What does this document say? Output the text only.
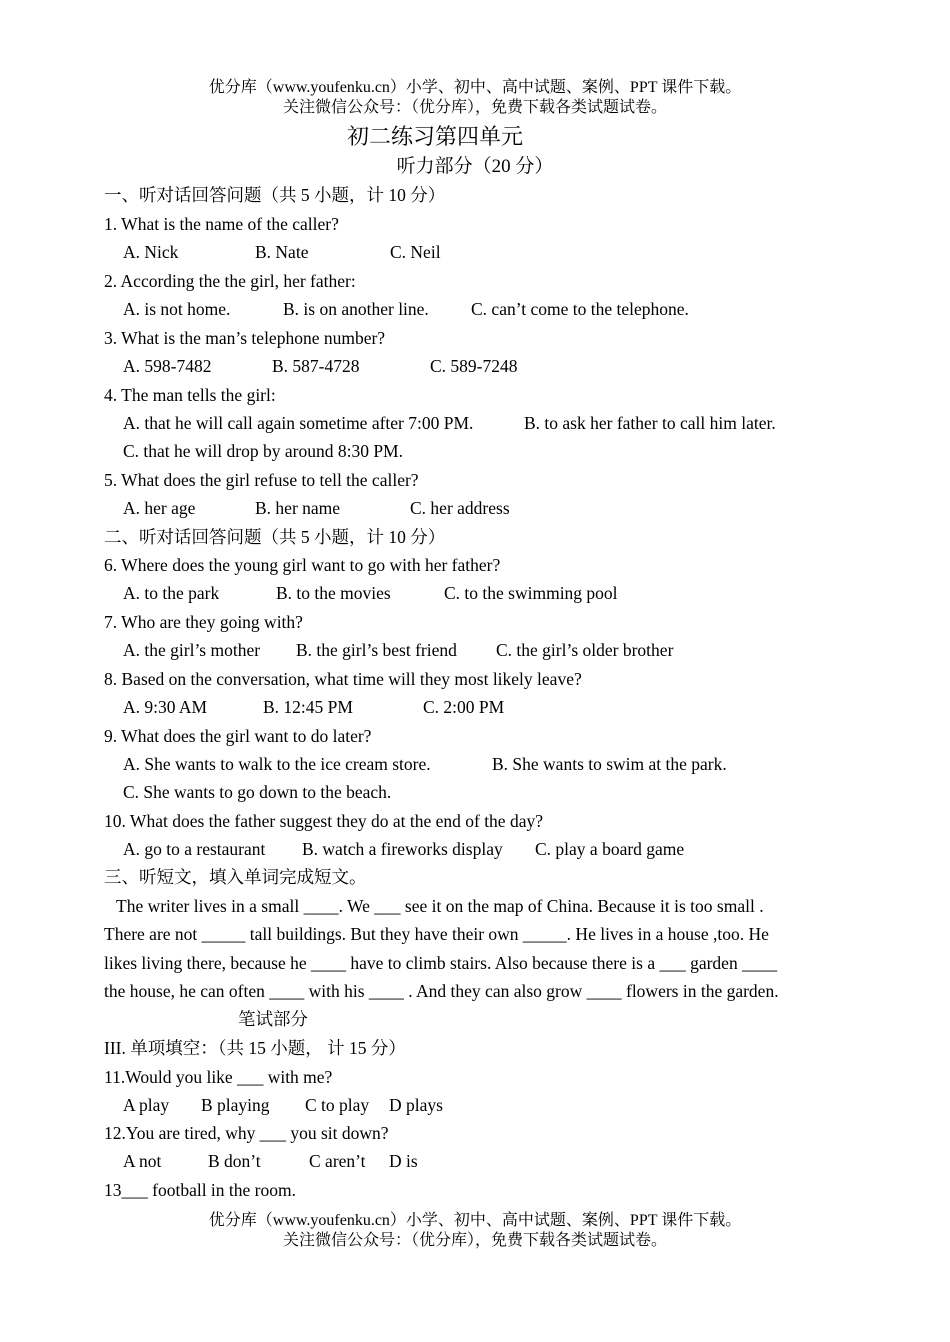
优分库（www.youfenku.cn）小学、初中、高中试题、案例、PPT 课件下载。
关注微信公众号：（优分库），免费下载各类试题试卷。
初二练习第四单元
听力部分（20 分）
一、听对话回答问题（共 5 小题，计 10 分）
1. What is the name of the caller?
A. Nick	B. Nate	C. Neil
2. According the the girl, her father:
A. is not home.	B. is on another line. C. can’t come to the telephone.
3. What is the man’s telephone number?
A. 598-7482	B. 587-4728	C. 589-7248
4. The man tells the girl:
A. that he will call again sometime after 7:00 PM.	B. to ask her father to call him later.
C. that he will drop by around 8:30 PM.
5. What does the girl refuse to tell the caller?
A. her age	B. her name	C. her address
二、听对话回答问题（共 5 小题，计 10 分）
6. Where does the young girl want to go with her father?
A. to the park	B. to the movies	C. to the swimming pool
7. Who are they going with?
A. the girl’s mother B. the girl’s best friend C. the girl’s older brother
8. Based on the conversation, what time will they most likely leave?
A. 9:30 AM	B. 12:45 PM	C. 2:00 PM
9. What does the girl want to do later?
A. She wants to walk to the ice cream store.	B. She wants to swim at the park.
C. She wants to go down to the beach.
10. What does the father suggest they do at the end of the day?
A. go to a restaurant B. watch a fireworks display C. play a board game
三、听短文，填入单词完成短文。
The writer lives in a small ____. We ___ see it on the map of China. Because it is too small .
There are not _____ tall buildings. But they have their own _____. He lives in a house ,too. He
likes living there, because he ____ have to climb stairs. Also because there is a ___ garden ____
the house, he can often ____ with his ____ . And they can also grow ____ flowers in the garden.
笔试部分
III. 单项填空：（共 15 小题， 计 15 分）
11.Would you like ___ with me?
A play B playing C to play D plays
12.You are tired, why ___ you sit down?
A not	B don’t	C aren’t D is
13___ football in the room.
优分库（www.youfenku.cn）小学、初中、高中试题、案例、PPT 课件下载。
关注微信公众号：（优分库），免费下载各类试题试卷。
